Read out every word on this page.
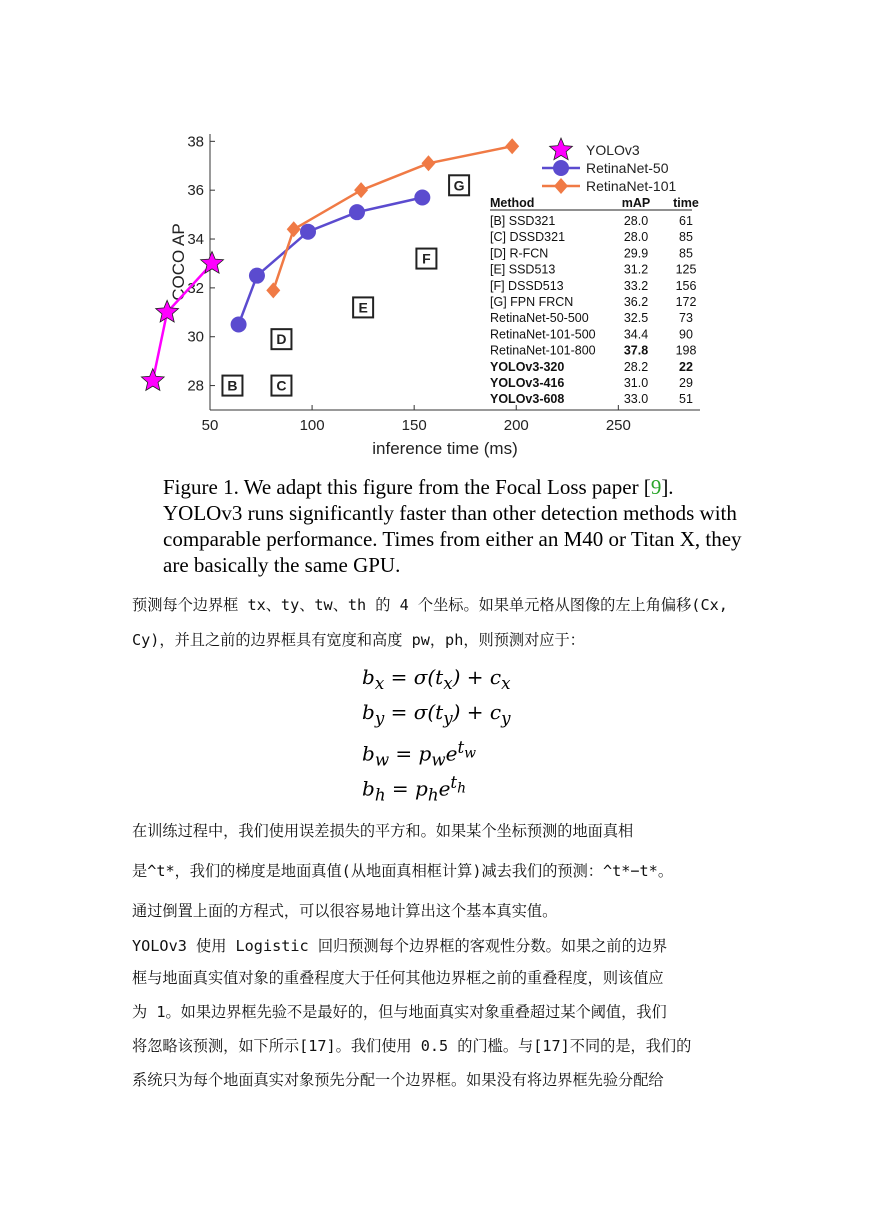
50	100	150	200	250
28
30
32
34
36
38
inference time (ms)
COCO AP
B	C
D
E
F
G
YOLOv3
RetinaNet-50
RetinaNet-101
Method	mAP time
[B] SSD321	28.0 61
[C] DSSD321	28.0 85
[D] R-FCN	29.9 85
[E] SSD513	31.2 125
[F] DSSD513	33.2 156
[G] FPN FRCN	36.2 172
RetinaNet-50-500	32.5 73
RetinaNet-101-500 34.4 90
RetinaNet-101-800 37.8 198
YOLOv3-320	28.2 22
YOLOv3-416	31.0 29
YOLOv3-608	33.0 51
Figure 1. We adapt this figure from the Focal Loss paper [9]. YOLOv3 runs significantly faster than other detection methods with comparable performance. Times from either an M40 or Titan X, they are basically the same GPU.
预测每个边界框 tx、ty、tw、th 的 4 个坐标。如果单元格从图像的左上角偏移(Cx,
Cy)，并且之前的边界框具有宽度和高度 pw，ph，则预测对应于：
$b_x = \sigma(t_x) + c_x$
$b_y = \sigma(t_y) + c_y$
$b_w = p_we^{t_w}$
$b_h = p_he^{t_h}$
在训练过程中，我们使用误差损失的平方和。如果某个坐标预测的地面真相
是^t*，我们的梯度是地面真值(从地面真相框计算)减去我们的预测：^t*−t*。
通过倒置上面的方程式，可以很容易地计算出这个基本真实值。
YOLOv3 使用 Logistic 回归预测每个边界框的客观性分数。如果之前的边界
框与地面真实值对象的重叠程度大于任何其他边界框之前的重叠程度，则该值应
为 1。如果边界框先验不是最好的，但与地面真实对象重叠超过某个阈值，我们
将忽略该预测，如下所示[17]。我们使用 0.5 的门槛。与[17]不同的是，我们的
系统只为每个地面真实对象预先分配一个边界框。如果没有将边界框先验分配给
